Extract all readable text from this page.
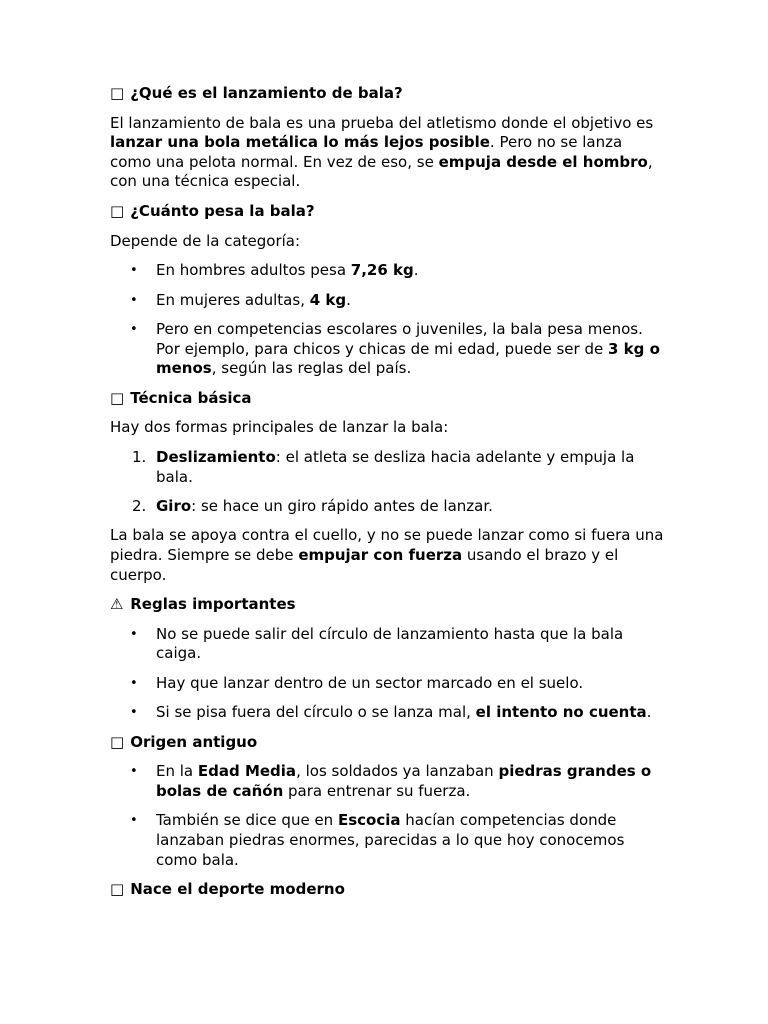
□ ¿Qué es el lanzamiento de bala?
El lanzamiento de bala es una prueba del atletismo donde el objetivo es lanzar una bola metálica lo más lejos posible. Pero no se lanza como una pelota normal. En vez de eso, se empuja desde el hombro, con una técnica especial.
□ ¿Cuánto pesa la bala?
Depende de la categoría:
•	En hombres adultos pesa 7,26 kg.
•	En mujeres adultas, 4 kg.
•	Pero en competencias escolares o juveniles, la bala pesa menos. Por ejemplo, para chicos y chicas de mi edad, puede ser de 3 kg o menos, según las reglas del país.
□ Técnica básica
Hay dos formas principales de lanzar la bala:
1. Deslizamiento: el atleta se desliza hacia adelante y empuja la bala.
2. Giro: se hace un giro rápido antes de lanzar.
La bala se apoya contra el cuello, y no se puede lanzar como si fuera una piedra. Siempre se debe empujar con fuerza usando el brazo y el cuerpo.
⚠ Reglas importantes
•	No se puede salir del círculo de lanzamiento hasta que la bala caiga.
•	Hay que lanzar dentro de un sector marcado en el suelo.
•	Si se pisa fuera del círculo o se lanza mal, el intento no cuenta.
□ Origen antiguo
•	En la Edad Media, los soldados ya lanzaban piedras grandes o bolas de cañón para entrenar su fuerza.
•	También se dice que en Escocia hacían competencias donde lanzaban piedras enormes, parecidas a lo que hoy conocemos como bala.
□ Nace el deporte moderno
